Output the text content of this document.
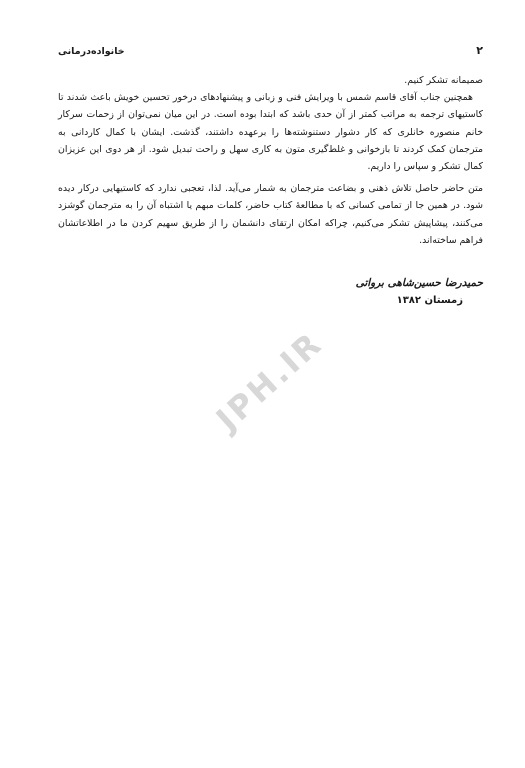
۲
خانواده‌درمانی

صمیمانه تشکر کنیم.

همچنین جناب آقای قاسم شمس با ویرایش فنی و زبانی و پیشنهادهای درخور تحسین خویش باعث شدند تا کاستیهای ترجمه به مراتب کمتر از آن حدی باشد که ابتدا بوده است. در این میان نمی‌توان از زحمات سرکار خانم منصوره خانلری که کار دشوار دستنوشته‌ها را برعهده داشتند، گذشت. ایشان با کمال کاردانی به مترجمان کمک کردند تا بازخوانی و غلط‌گیری متون به کاری سهل و راحت تبدیل شود. از هر دوی این عزیزان کمال تشکر و سپاس را داریم.

متن حاضر حاصل تلاش ذهنی و بضاعت مترجمان به شمار می‌آید. لذا، تعجبی ندارد که کاستیهایی درکار دیده شود. در همین جا از تمامی کسانی که با مطالعهٔ کتاب حاضر، کلمات مبهم یا اشتباه آن را به مترجمان گوشزد می‌کنند، پیشاپیش تشکر می‌کنیم، چراکه امکان ارتقای دانشمان را از طریق سهیم کردن ما در اطلاعاتشان فراهم ساخته‌اند.

حمیدرضا حسین‌شاهی برواتی
زمستان ۱۳۸۲
JPH.IR
